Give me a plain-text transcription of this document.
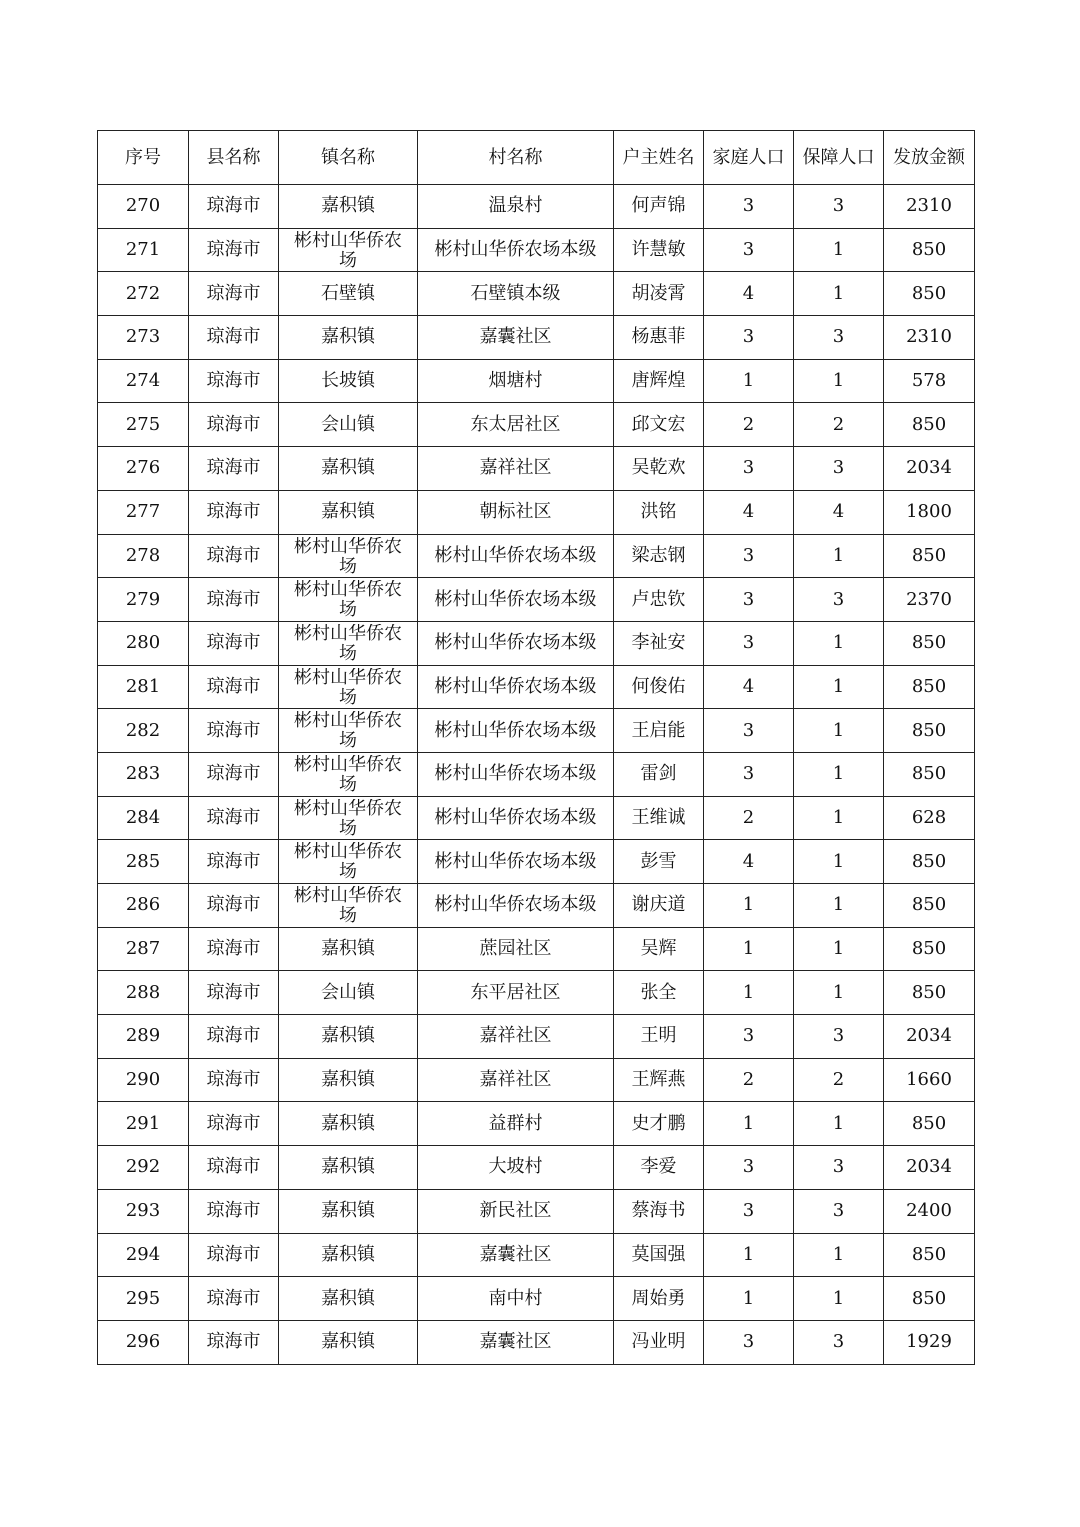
序号	县名称	镇名称	村名称	户主姓名	家庭人口	保障人口	发放金额
270	琼海市	嘉积镇	温泉村	何声锦	3	3	2310
271	琼海市	彬村山华侨农场	彬村山华侨农场本级	许慧敏	3	1	850
272	琼海市	石壁镇	石壁镇本级	胡凌霄	4	1	850
273	琼海市	嘉积镇	嘉囊社区	杨惠菲	3	3	2310
274	琼海市	长坡镇	烟塘村	唐辉煌	1	1	578
275	琼海市	会山镇	东太居社区	邱文宏	2	2	850
276	琼海市	嘉积镇	嘉祥社区	吴乾欢	3	3	2034
277	琼海市	嘉积镇	朝标社区	洪铭	4	4	1800
278	琼海市	彬村山华侨农场	彬村山华侨农场本级	梁志钢	3	1	850
279	琼海市	彬村山华侨农场	彬村山华侨农场本级	卢忠钦	3	3	2370
280	琼海市	彬村山华侨农场	彬村山华侨农场本级	李祉安	3	1	850
281	琼海市	彬村山华侨农场	彬村山华侨农场本级	何俊佑	4	1	850
282	琼海市	彬村山华侨农场	彬村山华侨农场本级	王启能	3	1	850
283	琼海市	彬村山华侨农场	彬村山华侨农场本级	雷剑	3	1	850
284	琼海市	彬村山华侨农场	彬村山华侨农场本级	王维诚	2	1	628
285	琼海市	彬村山华侨农场	彬村山华侨农场本级	彭雪	4	1	850
286	琼海市	彬村山华侨农场	彬村山华侨农场本级	谢庆道	1	1	850
287	琼海市	嘉积镇	蔗园社区	吴辉	1	1	850
288	琼海市	会山镇	东平居社区	张全	1	1	850
289	琼海市	嘉积镇	嘉祥社区	王明	3	3	2034
290	琼海市	嘉积镇	嘉祥社区	王辉燕	2	2	1660
291	琼海市	嘉积镇	益群村	史才鹏	1	1	850
292	琼海市	嘉积镇	大坡村	李爱	3	3	2034
293	琼海市	嘉积镇	新民社区	蔡海书	3	3	2400
294	琼海市	嘉积镇	嘉囊社区	莫国强	1	1	850
295	琼海市	嘉积镇	南中村	周始勇	1	1	850
296	琼海市	嘉积镇	嘉囊社区	冯业明	3	3	1929
